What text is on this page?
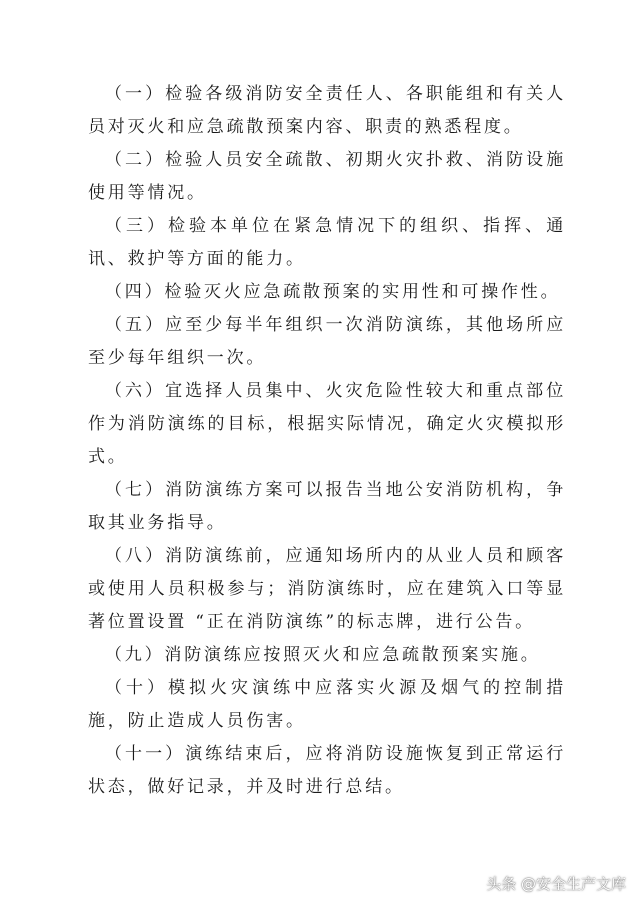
（一）检验各级消防安全责任人、各职能组和有关人员对灭火和应急疏散预案内容、职责的熟悉程度。

（二）检验人员安全疏散、初期火灾扑救、消防设施使用等情况。

（三）检验本单位在紧急情况下的组织、指挥、通讯、救护等方面的能力。

（四）检验灭火应急疏散预案的实用性和可操作性。

（五）应至少每半年组织一次消防演练，其他场所应至少每年组织一次。

（六）宜选择人员集中、火灾危险性较大和重点部位作为消防演练的目标，根据实际情况，确定火灾模拟形式。

（七）消防演练方案可以报告当地公安消防机构，争取其业务指导。

（八）消防演练前，应通知场所内的从业人员和顾客或使用人员积极参与；消防演练时，应在建筑入口等显著位置设置 “正在消防演练”的标志牌，进行公告。

（九）消防演练应按照灭火和应急疏散预案实施。

（十）模拟火灾演练中应落实火源及烟气的控制措施，防止造成人员伤害。

（十一）演练结束后，应将消防设施恢复到正常运行状态，做好记录，并及时进行总结。

头条 @安全生产文库
